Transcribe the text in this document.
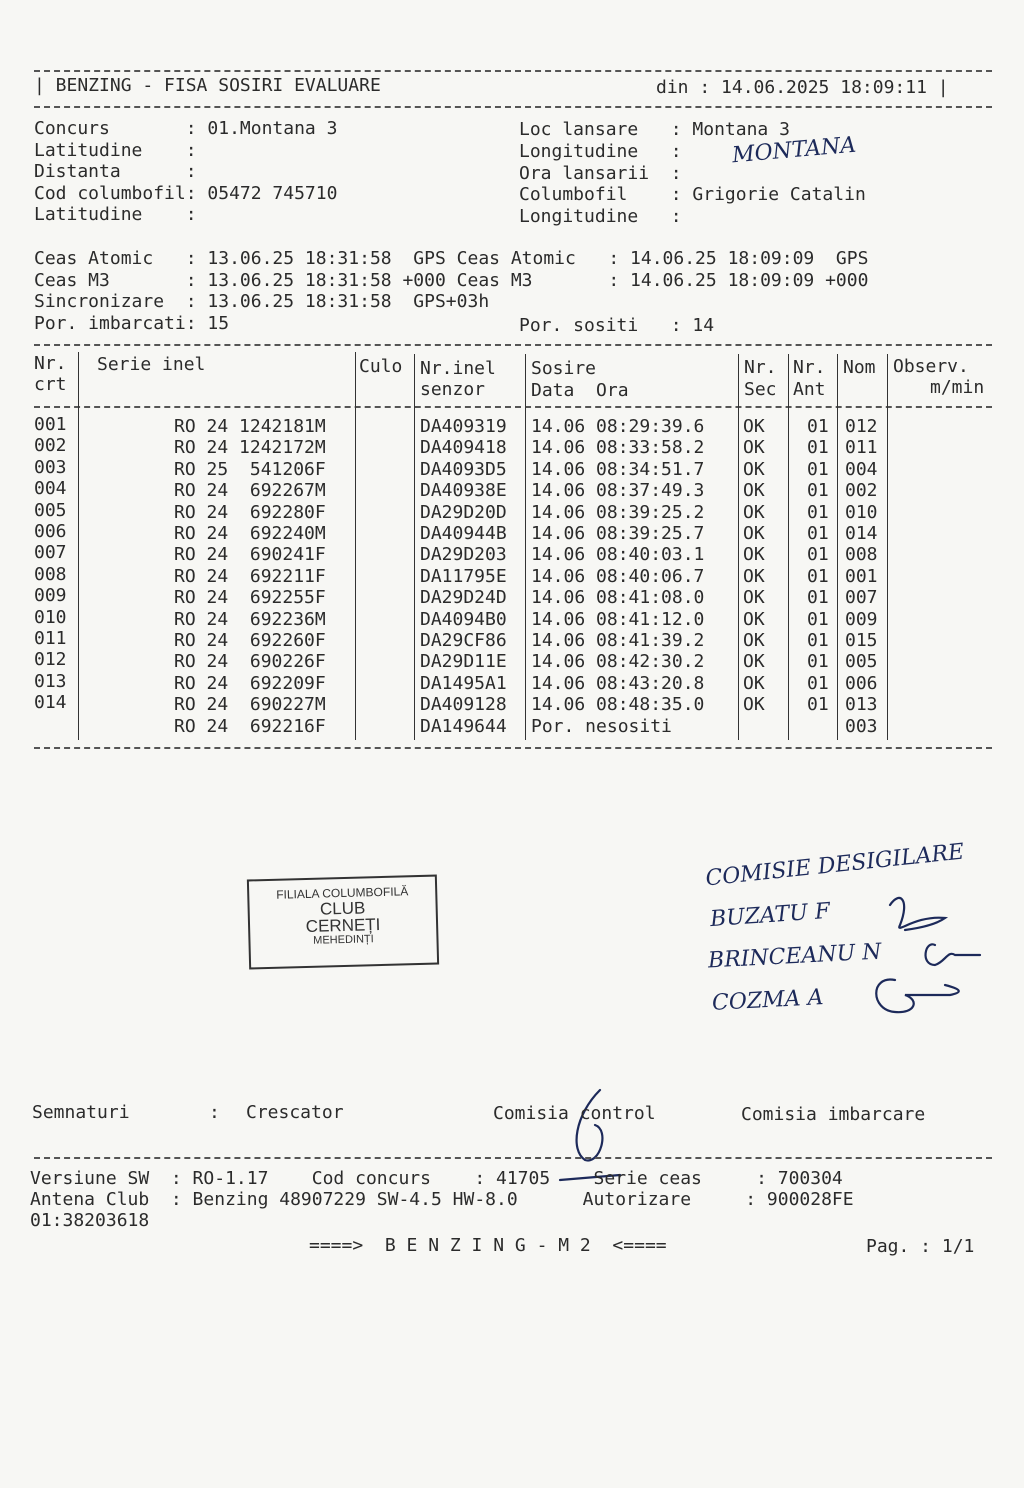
| BENZING - FISA SOSIRI EVALUARE	din : 14.06.2025 18:09:11 |
Concurs       : 01.Montana 3
Latitudine    :
Distanta      :
Cod columbofil: 05472 745710
Latitudine    :
Loc lansare   : Montana 3
Longitudine   :
Ora lansarii  :
Columbofil    : Grigorie Catalin
Longitudine   :
MONTANA
Ceas Atomic   : 13.06.25 18:31:58  GPS Ceas Atomic   : 14.06.25 18:09:09  GPS
Ceas M3       : 13.06.25 18:31:58 +000 Ceas M3       : 14.06.25 18:09:09 +000
Sincronizare  : 13.06.25 18:31:58  GPS+03h
Por. imbarcati: 15	Por. sositi   : 14
Nr.
crt
Serie inel	Culo Nr.inel
senzor
Sosire
Data  Ora
Nr.
Sec
Nr.
Ant
Nom Observ.
m/min
001	RO 24 1242181M	DA409319 14.06 08:29:39.6 OK 01 012
002	RO 24 1242172M	DA409418 14.06 08:33:58.2 OK 01 011
003	RO 25  541206F	DA4093D5 14.06 08:34:51.7 OK 01 004
004	RO 24  692267M	DA40938E 14.06 08:37:49.3 OK 01 002
005	RO 24  692280F	DA29D20D 14.06 08:39:25.2 OK 01 010
006	RO 24  692240M	DA40944B 14.06 08:39:25.7 OK 01 014
007	RO 24  690241F	DA29D203 14.06 08:40:03.1 OK 01 008
008	RO 24  692211F	DA11795E 14.06 08:40:06.7 OK 01 001
009	RO 24  692255F	DA29D24D 14.06 08:41:08.0 OK 01 007
010	RO 24  692236M	DA4094B0 14.06 08:41:12.0 OK 01 009
011	RO 24  692260F	DA29CF86 14.06 08:41:39.2 OK 01 015
012	RO 24  690226F	DA29D11E 14.06 08:42:30.2 OK 01 005
013	RO 24  692209F	DA1495A1 14.06 08:43:20.8 OK 01 006
014	RO 24  690227M	DA409128 14.06 08:48:35.0 OK 01 013
RO 24  692216F	DA149644 Por. nesositi	003
FILIALA COLUMBOFILĂ
CLUB
CERNEȚI
MEHEDINȚI
COMISIE DESIGILARE
BUZATU F
BRINCEANU N
COZMA A
Semnaturi	: Crescator	Comisia control	Comisia imbarcare
Versiune SW  : RO-1.17    Cod concurs    : 41705    Serie ceas     : 700304
Antena Club  : Benzing 48907229 SW-4.5 HW-8.0      Autorizare     : 900028FE
01:38203618
====>  B E N Z I N G - M 2  <====	Pag. : 1/1
